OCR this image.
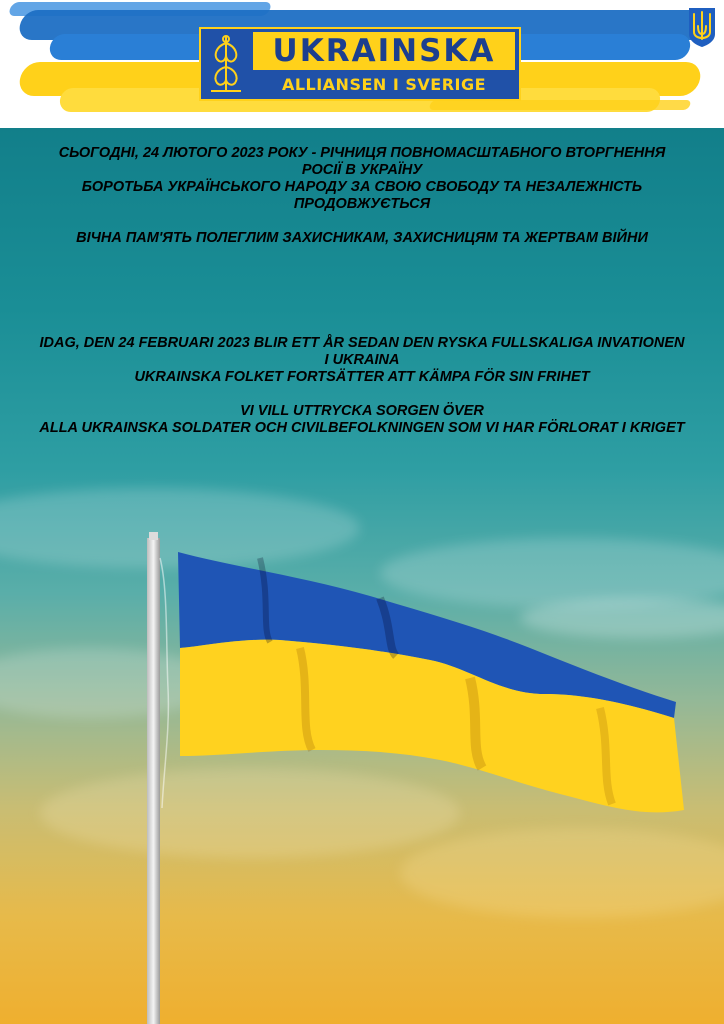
UKRAINSKA
ALLIANSEN I SVERIGE
СЬОГОДНІ, 24 ЛЮТОГО 2023 РОКУ - РІЧНИЦЯ ПОВНОМАСШТАБНОГО ВТОРГНЕННЯ
РОСІЇ В УКРАЇНУ
БОРОТЬБА УКРАЇНСЬКОГО НАРОДУ ЗА СВОЮ СВОБОДУ ТА НЕЗАЛЕЖНІСТЬ
ПРОДОВЖУЄТЬСЯ
ВІЧНА ПАМ'ЯТЬ ПОЛЕГЛИМ ЗАХИСНИКАМ, ЗАХИСНИЦЯМ ТА ЖЕРТВАМ ВІЙНИ
IDAG, DEN 24 FEBRUARI 2023 BLIR ETT ÅR SEDAN DEN RYSKA FULLSKALIGA INVATIONEN
I UKRAINA
UKRAINSKA FOLKET FORTSÄTTER ATT KÄMPA FÖR SIN FRIHET
VI VILL UTTRYCKA SORGEN ÖVER
ALLA UKRAINSKA SOLDATER OCH CIVILBEFOLKNINGEN SOM VI HAR FÖRLORAT I KRIGET
